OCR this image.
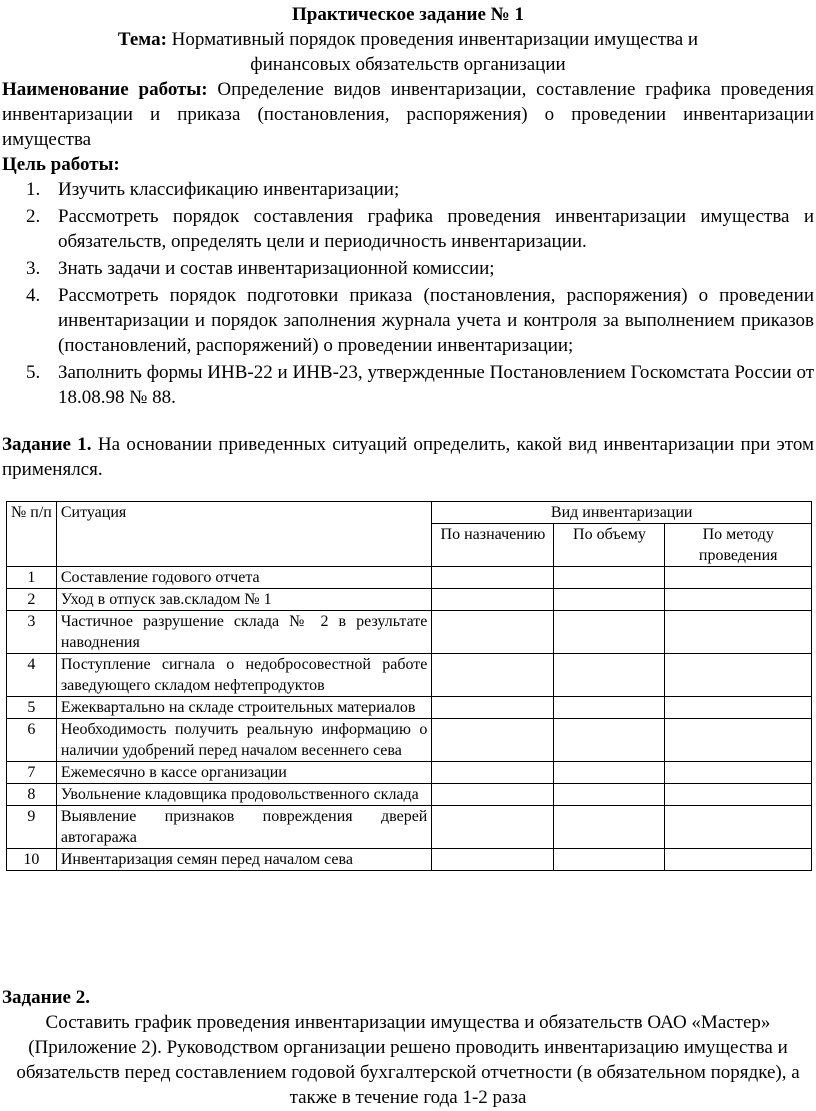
Практическое задание № 1
Тема: Нормативный порядок проведения инвентаризации имущества и
финансовых обязательств организации
Наименование работы: Определение видов инвентаризации, составление графика проведения инвентаризации и приказа (постановления, распоряжения) о проведении инвентаризации имущества
Цель работы:
1. Изучить классификацию инвентаризации;
2. Рассмотреть порядок составления графика проведения инвентаризации имущества и обязательств, определять цели и периодичность инвентаризации.
3. Знать задачи и состав инвентаризационной комиссии;
4. Рассмотреть порядок подготовки приказа (постановления, распоряжения) о проведении инвентаризации и порядок заполнения журнала учета и контроля за выполнением приказов (постановлений, распоряжений) о проведении инвентаризации;
5. Заполнить формы ИНВ-22 и ИНВ-23, утвержденные Постановлением Госкомстата России от 18.08.98 № 88.
Задание 1. На основании приведенных ситуаций определить, какой вид инвентаризации при этом применялся.
№ п/п	Ситуация	Вид инвентаризации		
		По назначению	По объему	По методу проведения
1	Составление годового отчета			
2	Уход в отпуск зав.складом № 1			
3	Частичное разрушение склада № 2 в результате наводнения			
4	Поступление сигнала о недобросовестной работе заведующего складом нефтепродуктов			
5	Ежеквартально на складе строительных материалов			
6	Необходимость получить реальную информацию о наличии удобрений перед началом весеннего сева			
7	Ежемесячно в кассе организации			
8	Увольнение кладовщика продовольственного склада			
9	Выявление признаков повреждения дверей автогаража			
10	Инвентаризация семян перед началом сева			
Задание 2.
Составить график проведения инвентаризации имущества и обязательств ОАО «Мастер» (Приложение 2). Руководством организации решено проводить инвентаризацию имущества и обязательств перед составлением годовой бухгалтерской отчетности (в обязательном порядке), а также в течение года 1-2 раза
